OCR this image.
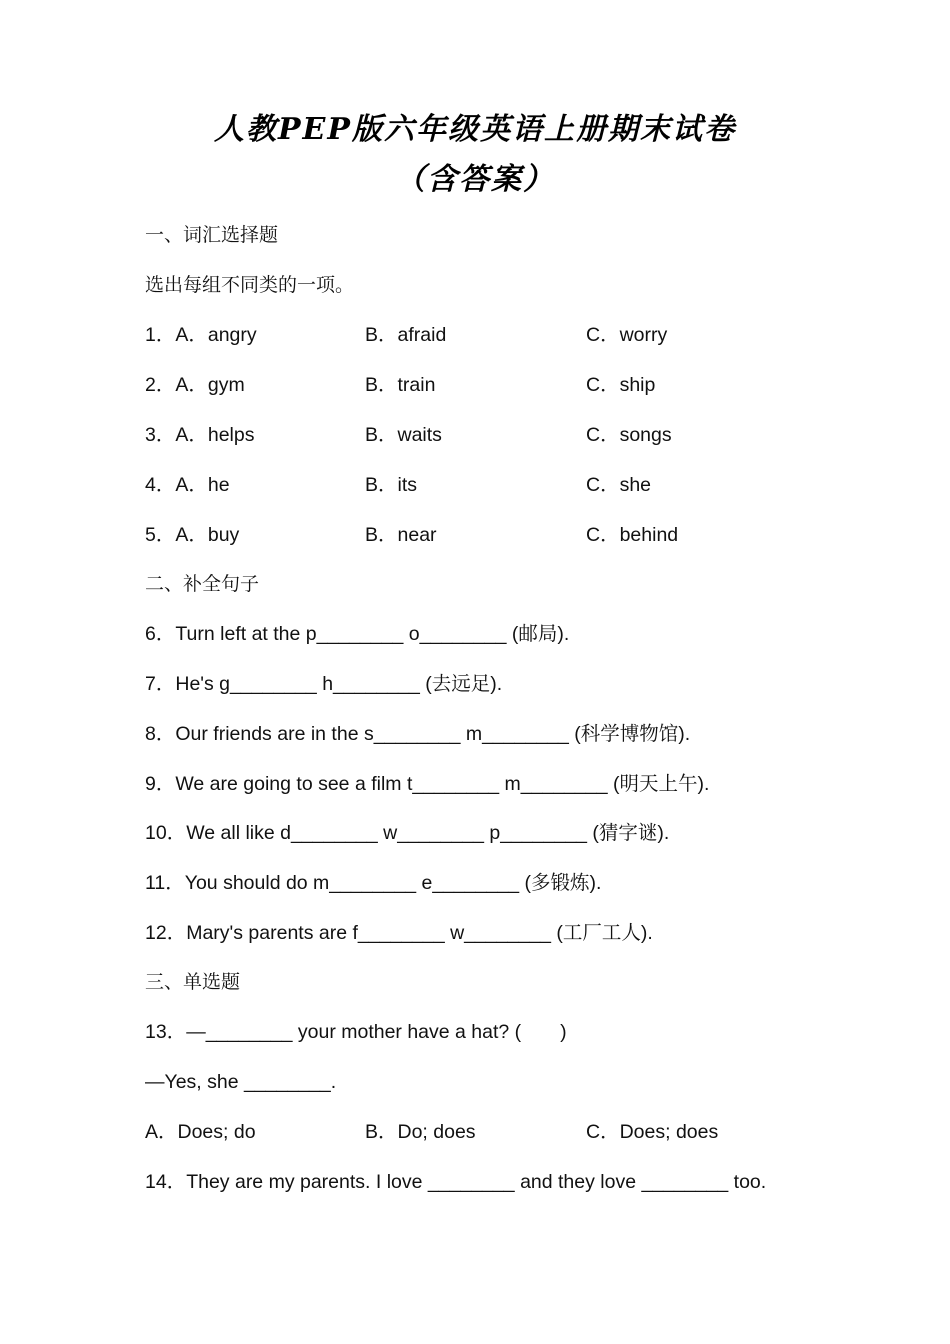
人教PEP版六年级英语上册期末试卷
（含答案）
一、词汇选择题
选出每组不同类的一项。
1．A．angry	B．afraid	C．worry
2．A．gym	B．train	C．ship
3．A．helps	B．waits	C．songs
4．A．he	B．its	C．she
5．A．buy	B．near	C．behind
二、补全句子
6．Turn left at the p________ o________ (邮局).
7．He's g________ h________ (去远足).
8．Our friends are in the s________ m________ (科学博物馆).
9．We are going to see a film t________ m________ (明天上午).
10．We all like d________ w________ p________ (猜字谜).
11．You should do m________ e________ (多锻炼).
12．Mary's parents are f________ w________ (工厂工人).
三、单选题
13．—________ your mother have a hat? (　　)
—Yes, she ________.
A．Does; do	B．Do; does	C．Does; does
14．They are my parents. I love ________ and they love ________ too.
